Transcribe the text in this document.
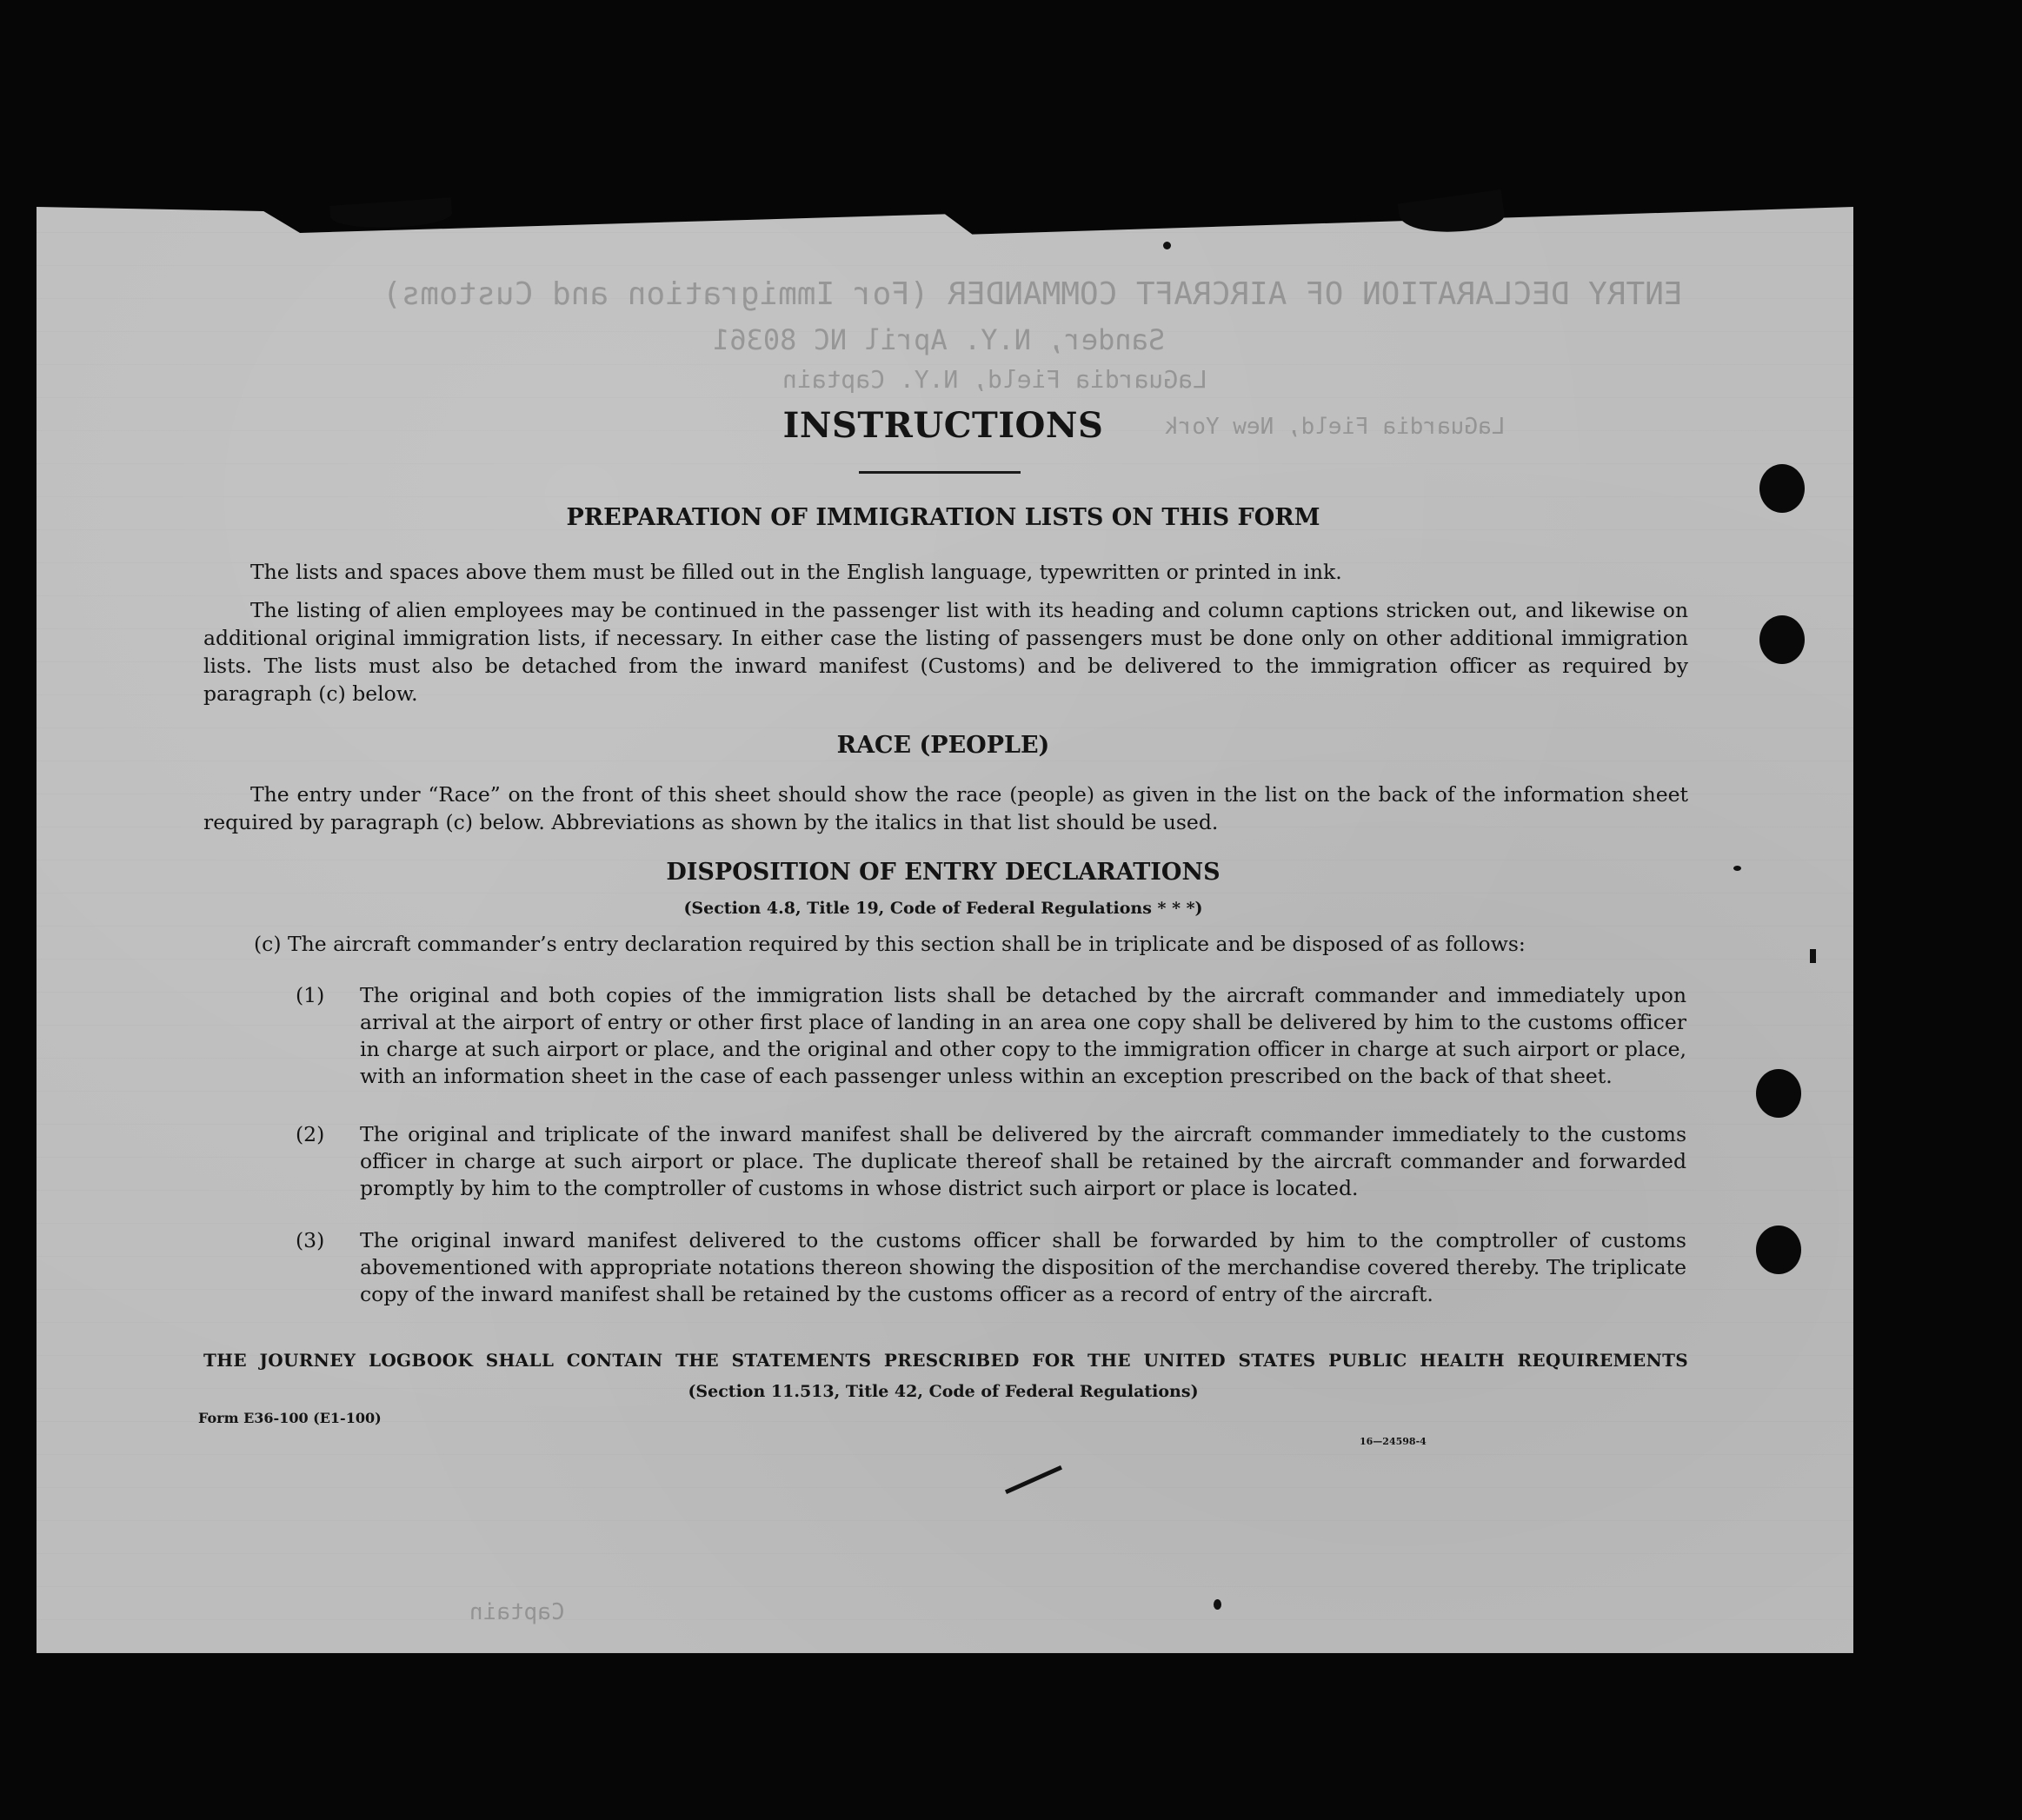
ENTRY DECLARATION OF AIRCRAFT COMMANDER (For Immigration and Customs)
Sander, N.Y. April NC 80361
LaGuardia Field, N.Y. Captain
LaGuardia Field, New York
Captain
INSTRUCTIONS
PREPARATION OF IMMIGRATION LISTS ON THIS FORM
The lists and spaces above them must be filled out in the English language, typewritten or printed in ink.
The listing of alien employees may be continued in the passenger list with its heading and column captions stricken out, and likewise on additional original immigration lists, if necessary. In either case the listing of passengers must be done only on other additional immigration lists. The lists must also be detached from the inward manifest (Customs) and be delivered to the immigration officer as required by paragraph (c) below.
RACE (PEOPLE)
The entry under “Race” on the front of this sheet should show the race (people) as given in the list on the back of the information sheet required by paragraph (c) below. Abbreviations as shown by the italics in that list should be used.
DISPOSITION OF ENTRY DECLARATIONS
(Section 4.8, Title 19, Code of Federal Regulations * * *)
(c) The aircraft commander’s entry declaration required by this section shall be in triplicate and be disposed of as follows:
(1)	The original and both copies of the immigration lists shall be detached by the aircraft commander and immediately upon arrival at the airport of entry or other first place of landing in an area one copy shall be delivered by him to the customs officer in charge at such airport or place, and the original and other copy to the immigration officer in charge at such airport or place, with an information sheet in the case of each passenger unless within an exception prescribed on the back of that sheet.
(2)	The original and triplicate of the inward manifest shall be delivered by the aircraft commander immediately to the customs officer in charge at such airport or place. The duplicate thereof shall be retained by the aircraft commander and forwarded promptly by him to the comptroller of customs in whose district such airport or place is located.
(3)	The original inward manifest delivered to the customs officer shall be forwarded by him to the comptroller of customs abovementioned with appropriate notations thereon showing the disposition of the merchandise covered thereby. The triplicate copy of the inward manifest shall be retained by the customs officer as a record of entry of the aircraft.
THE JOURNEY LOGBOOK SHALL CONTAIN THE STATEMENTS PRESCRIBED FOR THE UNITED STATES PUBLIC HEALTH REQUIREMENTS
(Section 11.513, Title 42, Code of Federal Regulations)
Form E36-100 (E1-100)
16—24598-4
